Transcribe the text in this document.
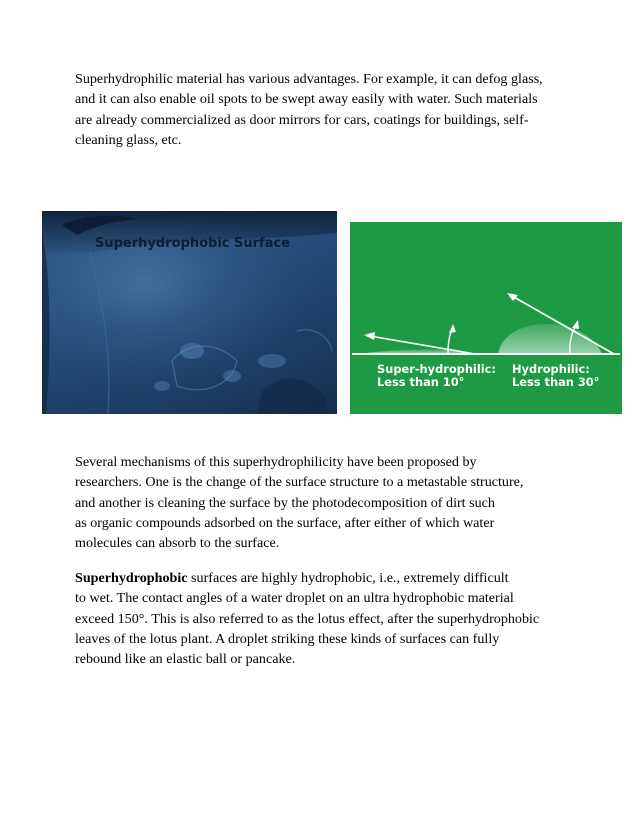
Superhydrophilic material has various advantages. For example, it can defog glass,
and it can also enable oil spots to be swept away easily with water. Such materials
are already commercialized as door mirrors for cars, coatings for buildings, self-
cleaning glass, etc.

Superhydrophobic Surface
Super-hydrophilic:
Less than 10°
Hydrophilic:
Less than 30°

Several mechanisms of this superhydrophilicity have been proposed by
researchers. One is the change of the surface structure to a metastable structure,
and another is cleaning the surface by the photodecomposition of dirt such
as organic compounds adsorbed on the surface, after either of which water
molecules can absorb to the surface.

Superhydrophobic surfaces are highly hydrophobic, i.e., extremely difficult
to wet. The contact angles of a water droplet on an ultra hydrophobic material
exceed 150°. This is also referred to as the lotus effect, after the superhydrophobic
leaves of the lotus plant. A droplet striking these kinds of surfaces can fully
rebound like an elastic ball or pancake.
